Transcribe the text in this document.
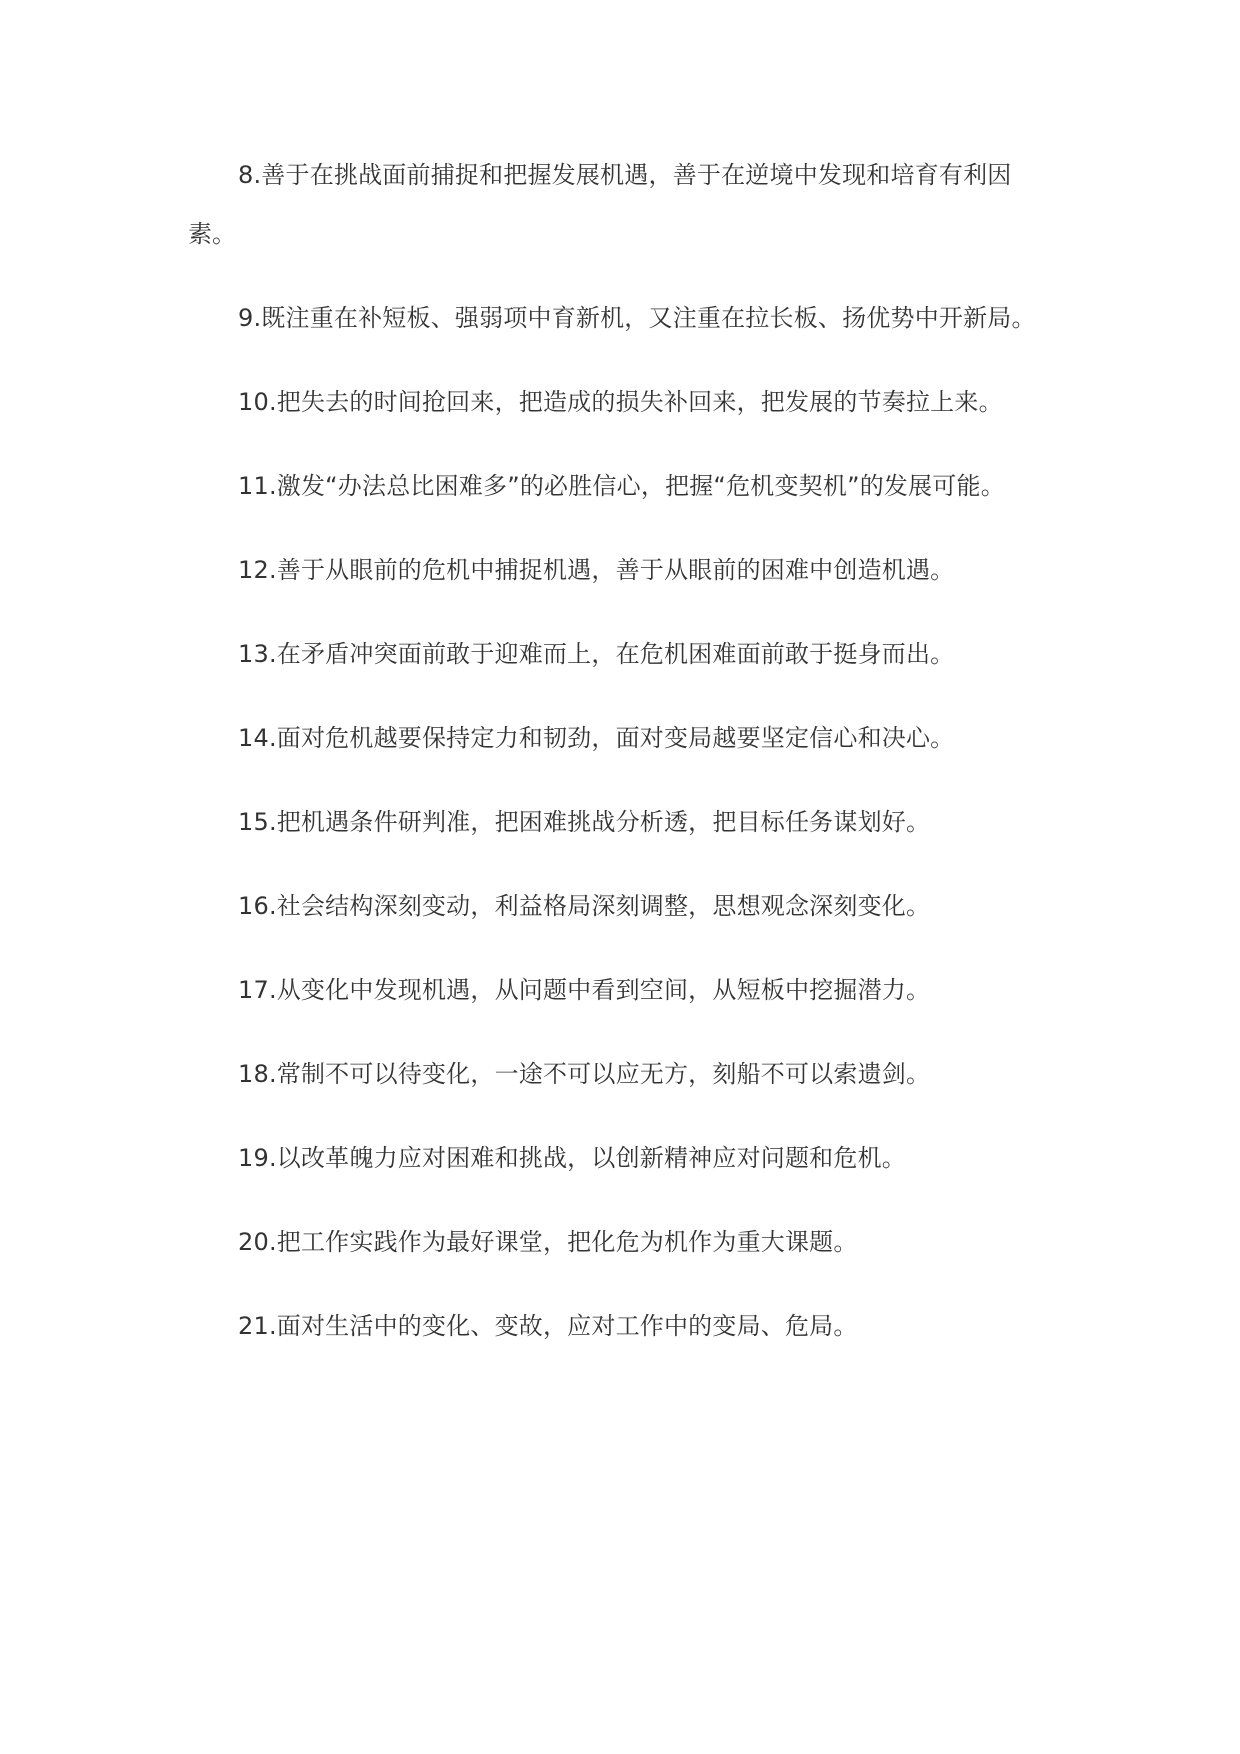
8.善于在挑战面前捕捉和把握发展机遇，善于在逆境中发现和培育有利因

素。

9.既注重在补短板、强弱项中育新机，又注重在拉长板、扬优势中开新局。

10.把失去的时间抢回来，把造成的损失补回来，把发展的节奏拉上来。

11.激发“办法总比困难多”的必胜信心，把握“危机变契机”的发展可能。

12.善于从眼前的危机中捕捉机遇，善于从眼前的困难中创造机遇。

13.在矛盾冲突面前敢于迎难而上，在危机困难面前敢于挺身而出。

14.面对危机越要保持定力和韧劲，面对变局越要坚定信心和决心。

15.把机遇条件研判准，把困难挑战分析透，把目标任务谋划好。

16.社会结构深刻变动，利益格局深刻调整，思想观念深刻变化。

17.从变化中发现机遇，从问题中看到空间，从短板中挖掘潜力。

18.常制不可以待变化，一途不可以应无方，刻船不可以索遗剑。

19.以改革魄力应对困难和挑战，以创新精神应对问题和危机。

20.把工作实践作为最好课堂，把化危为机作为重大课题。

21.面对生活中的变化、变故，应对工作中的变局、危局。
